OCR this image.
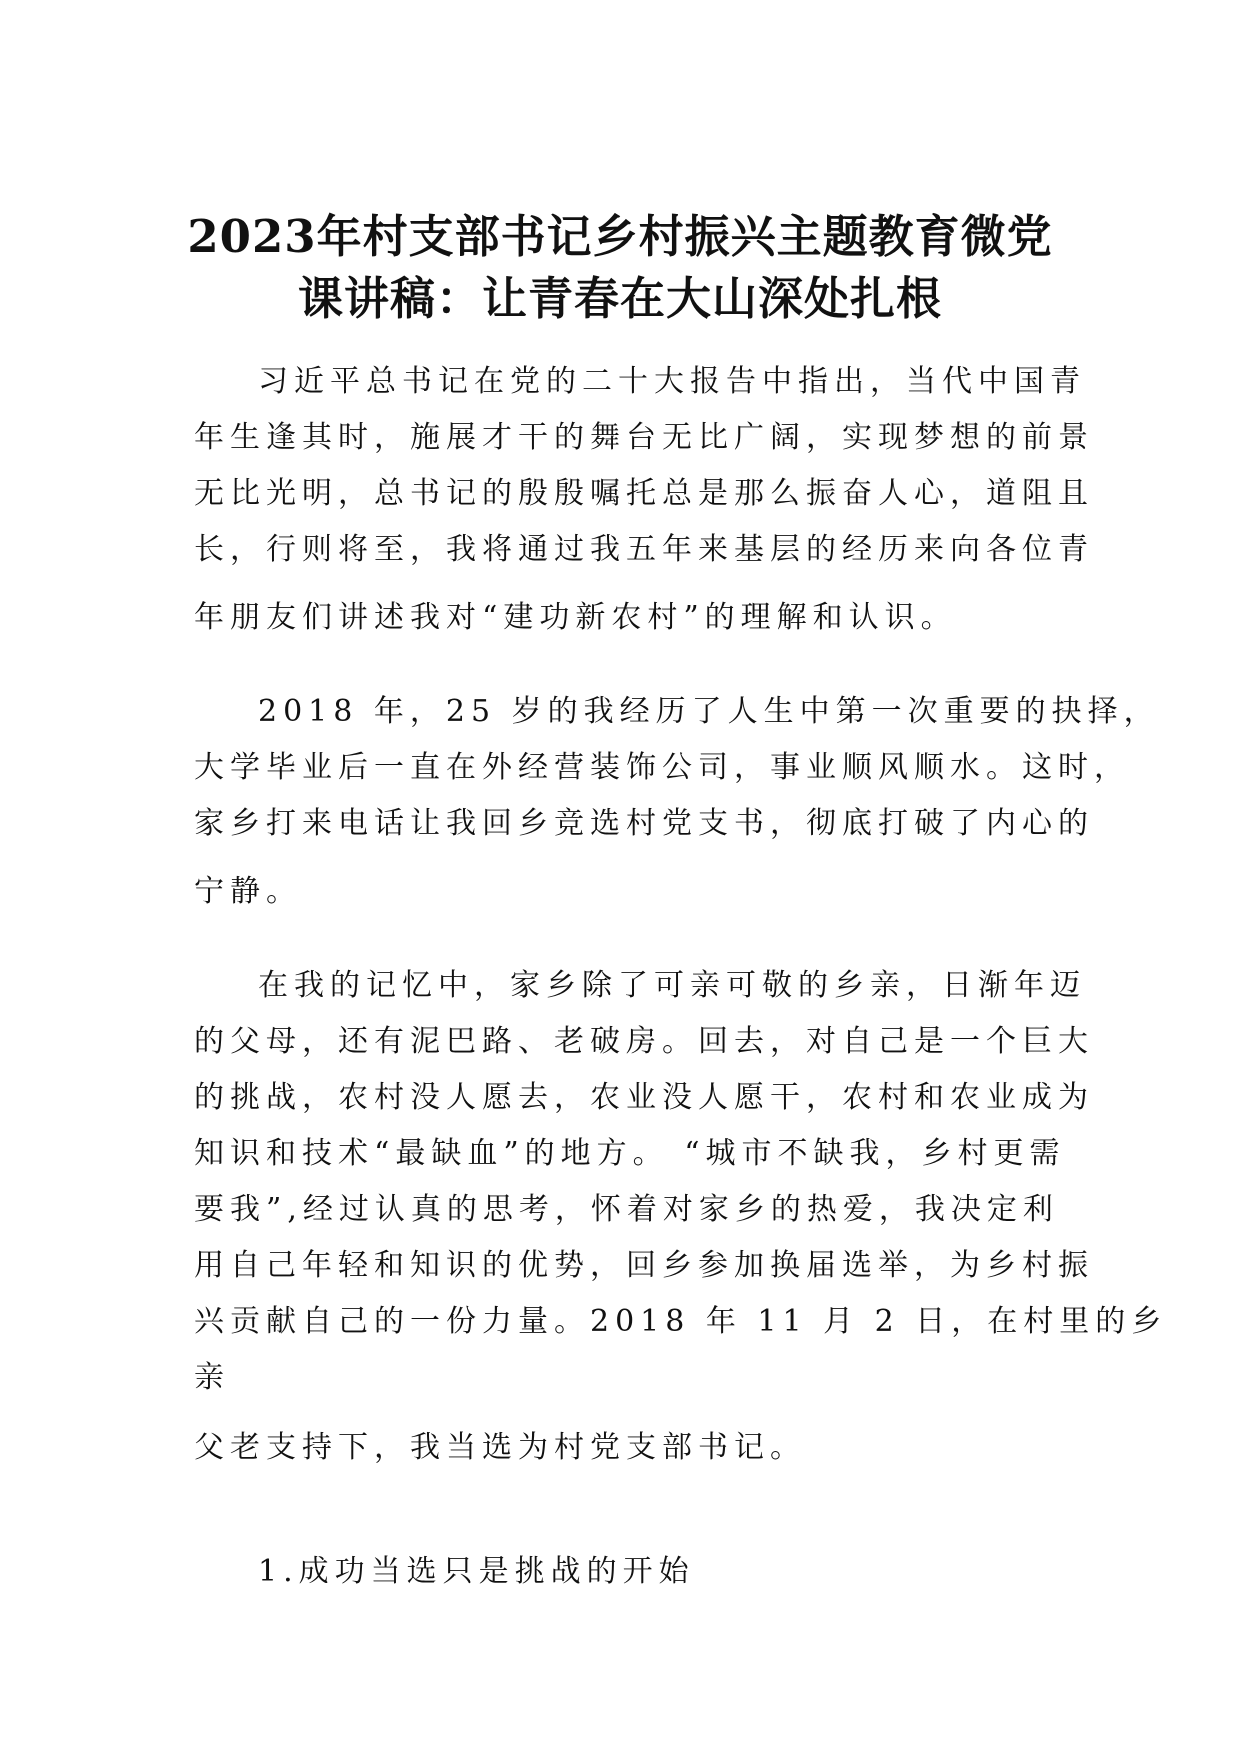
2023年村支部书记乡村振兴主题教育微党
课讲稿：让青春在大山深处扎根
习近平总书记在党的二十大报告中指出，当代中国青
年生逢其时，施展才干的舞台无比广阔，实现梦想的前景
无比光明，总书记的殷殷嘱托总是那么振奋人心，道阻且
长，行则将至，我将通过我五年来基层的经历来向各位青
年朋友们讲述我对“建功新农村”的理解和认识。
2018 年，25 岁的我经历了人生中第一次重要的抉择，
大学毕业后一直在外经营装饰公司，事业顺风顺水。这时，
家乡打来电话让我回乡竞选村党支书，彻底打破了内心的
宁静。
在我的记忆中，家乡除了可亲可敬的乡亲，日渐年迈
的父母，还有泥巴路、老破房。回去，对自己是一个巨大
的挑战，农村没人愿去，农业没人愿干，农村和农业成为
知识和技术“最缺血”的地方。 “城市不缺我，乡村更需
要我”,经过认真的思考，怀着对家乡的热爱，我决定利
用自己年轻和知识的优势，回乡参加换届选举，为乡村振
兴贡献自己的一份力量。2018 年 11 月 2 日，在村里的乡
亲
父老支持下，我当选为村党支部书记。
1.成功当选只是挑战的开始
